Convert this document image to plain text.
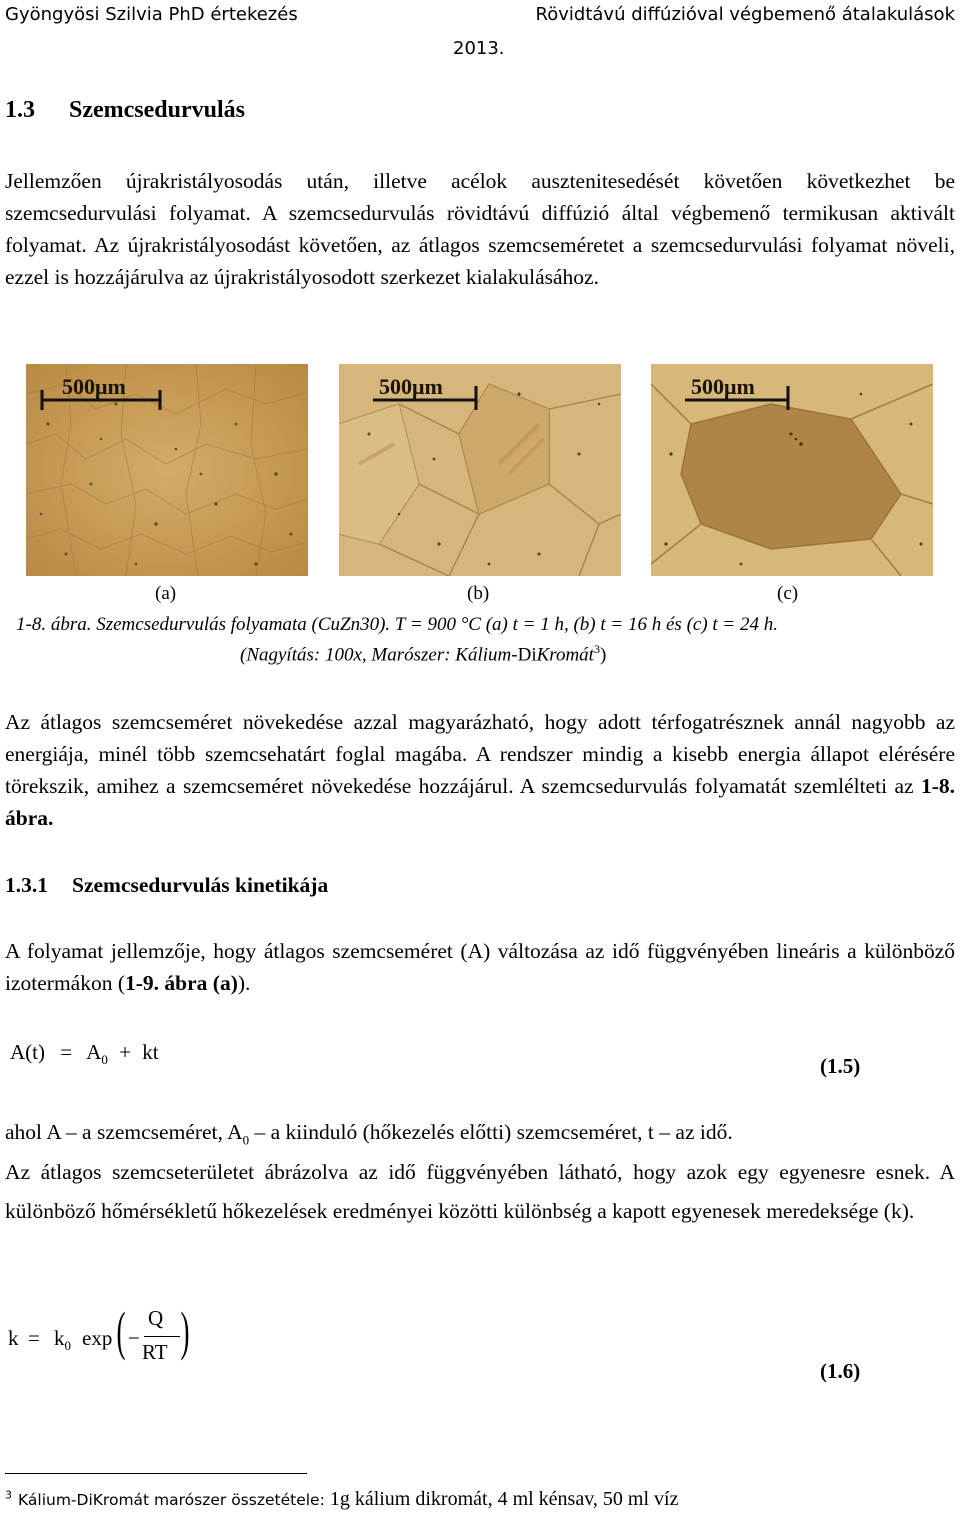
Gyöngyösi Szilvia PhD értekezés	Rövidtávú diffúzióval végbemenő átalakulások
2013.
1.3 Szemcsedurvulás

Jellemzően újrakristályosodás után, illetve acélok ausztenitesedését követően következhet be szemcsedurvulási folyamat. A szemcsedurvulás rövidtávú diffúzió által végbemenő termikusan aktivált folyamat. Az újrakristályosodást követően, az átlagos szemcseméretet a szemcsedurvulási folyamat növeli, ezzel is hozzájárulva az újrakristályosodott szerkezet kialakulásához.

500μm	500μm	500μm
(a)	(b)	(c)
1-8. ábra. Szemcsedurvulás folyamata (CuZn30). T = 900 °C (a) t = 1 h, (b) t = 16 h és (c) t = 24 h.
(Nagyítás: 100x, Marószer: Kálium-DiKromát$^3$)

Az átlagos szemcseméret növekedése azzal magyarázható, hogy adott térfogatrésznek annál nagyobb az energiája, minél több szemcsehatárt foglal magába. A rendszer mindig a kisebb energia állapot elérésére törekszik, amihez a szemcseméret növekedése hozzájárul. A szemcsedurvulás folyamatát szemlélteti az 1-8. ábra.

1.3.1 Szemcsedurvulás kinetikája

A folyamat jellemzője, hogy átlagos szemcseméret (A) változása az idő függvényében lineáris a különböző izotermákon (1-9. ábra (a)).

$A(t) = A_0$ + kt
(1.5)
ahol A – a szemcseméret, $A_0$ – a kiinduló (hőkezelés előtti) szemcseméret, t – az idő.

Az átlagos szemcseterületet ábrázolva az idő függvényében látható, hogy azok egy egyenesre esnek. A különböző hőmérsékletű hőkezelések eredményei közötti különbség a kapott egyenesek meredeksége (k).

$k = k_0$ exp ( −
Q
RT )
(1.6)
$^3$ Kálium-DiKromát marószer összetétele: 1g kálium dikromát, 4 ml kénsav, 50 ml víz
